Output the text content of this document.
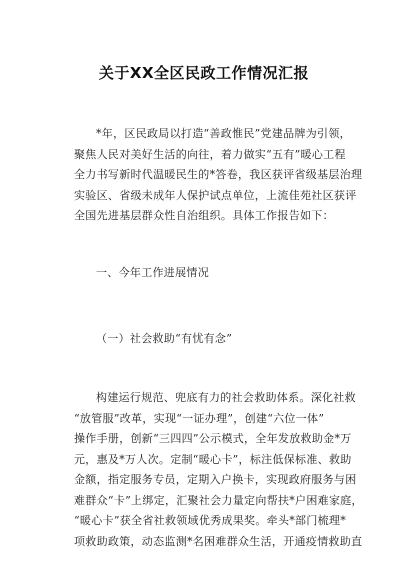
关于XX全区民政工作情况汇报
*年，区民政局以打造“善政惟民”党建品牌为引领，
聚焦人民对美好生活的向往，着力做实“五有”暖心工程
全力书写新时代温暖民生的*答卷，我区获评省级基层治理
实验区、省级未成年人保护试点单位，上流佳苑社区获评
全国先进基层群众性自治组织。具体工作报告如下：
一、今年工作进展情况
（一）社会救助“有忧有念”
构建运行规范、兜底有力的社会救助体系。深化社救
“放管服”改革，实现“一证办理”，创建“六位一体”
操作手册，创新“三四四”公示模式，全年发放救助金*万
元，惠及*万人次。定制“暖心卡”，标注低保标准、救助
金额，指定服务专员，定期入户换卡，实现政府服务与困
难群众“卡”上绑定，汇聚社会力量定向帮扶*户困难家庭，
“暖心卡”获全省社救领域优秀成果奖。牵头*部门梳理*
项救助政策，动态监测*名困难群众生活，开通疫情救助直
